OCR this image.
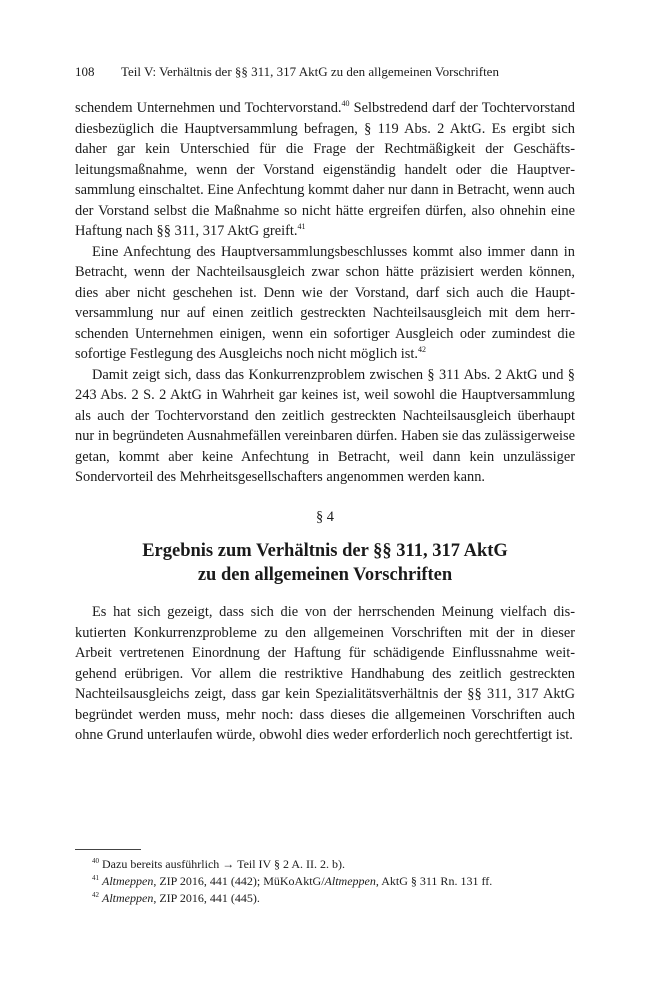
108	Teil V: Verhältnis der §§ 311, 317 AktG zu den allgemeinen Vorschriften

schendem Unternehmen und Tochtervorstand.$^{40}$ Selbstredend darf der Tochtervorstand diesbezüglich die Hauptversammlung befragen, § 119 Abs. 2 AktG. Es ergibt sich daher gar kein Unterschied für die Frage der Rechtmäßigkeit der Geschäftsleitungsmaßnahme, wenn der Vorstand eigenständig handelt oder die Hauptversammlung einschaltet. Eine Anfechtung kommt daher nur dann in Betracht, wenn auch der Vorstand selbst die Maßnahme so nicht hätte ergreifen dürfen, also ohnehin eine Haftung nach §§ 311, 317 AktG greift.$^{41}$

Eine Anfechtung des Hauptversammlungsbeschlusses kommt also immer dann in Betracht, wenn der Nachteilsausgleich zwar schon hätte präzisiert werden können, dies aber nicht geschehen ist. Denn wie der Vorstand, darf sich auch die Hauptversammlung nur auf einen zeitlich gestreckten Nachteilsausgleich mit dem herrschenden Unternehmen einigen, wenn ein sofortiger Ausgleich oder zumindest die sofortige Festlegung des Ausgleichs noch nicht möglich ist.$^{42}$

Damit zeigt sich, dass das Konkurrenzproblem zwischen § 311 Abs. 2 AktG und § 243 Abs. 2 S. 2 AktG in Wahrheit gar keines ist, weil sowohl die Hauptversammlung als auch der Tochtervorstand den zeitlich gestreckten Nachteilsausgleich überhaupt nur in begründeten Ausnahmefällen vereinbaren dürfen. Haben sie das zulässigerweise getan, kommt aber keine Anfechtung in Betracht, weil dann kein unzulässiger Sondervorteil des Mehrheitsgesellschafters angenommen werden kann.

§ 4
Ergebnis zum Verhältnis der §§ 311, 317 AktG
zu den allgemeinen Vorschriften

Es hat sich gezeigt, dass sich die von der herrschenden Meinung vielfach diskutierten Konkurrenzprobleme zu den allgemeinen Vorschriften mit der in dieser Arbeit vertretenen Einordnung der Haftung für schädigende Einflussnahme weitgehend erübrigen. Vor allem die restriktive Handhabung des zeitlich gestreckten Nachteilsausgleichs zeigt, dass gar kein Spezialitätsverhältnis der §§ 311, 317 AktG begründet werden muss, mehr noch: dass dieses die allgemeinen Vorschriften auch ohne Grund unterlaufen würde, obwohl dies weder erforderlich noch gerechtfertigt ist.

$^{40}$ Dazu bereits ausführlich → Teil IV § 2 A. II. 2. b).
$^{41}$ Altmeppen, ZIP 2016, 441 (442); MüKoAktG/Altmeppen, AktG § 311 Rn. 131 ff.
$^{42}$ Altmeppen, ZIP 2016, 441 (445).
